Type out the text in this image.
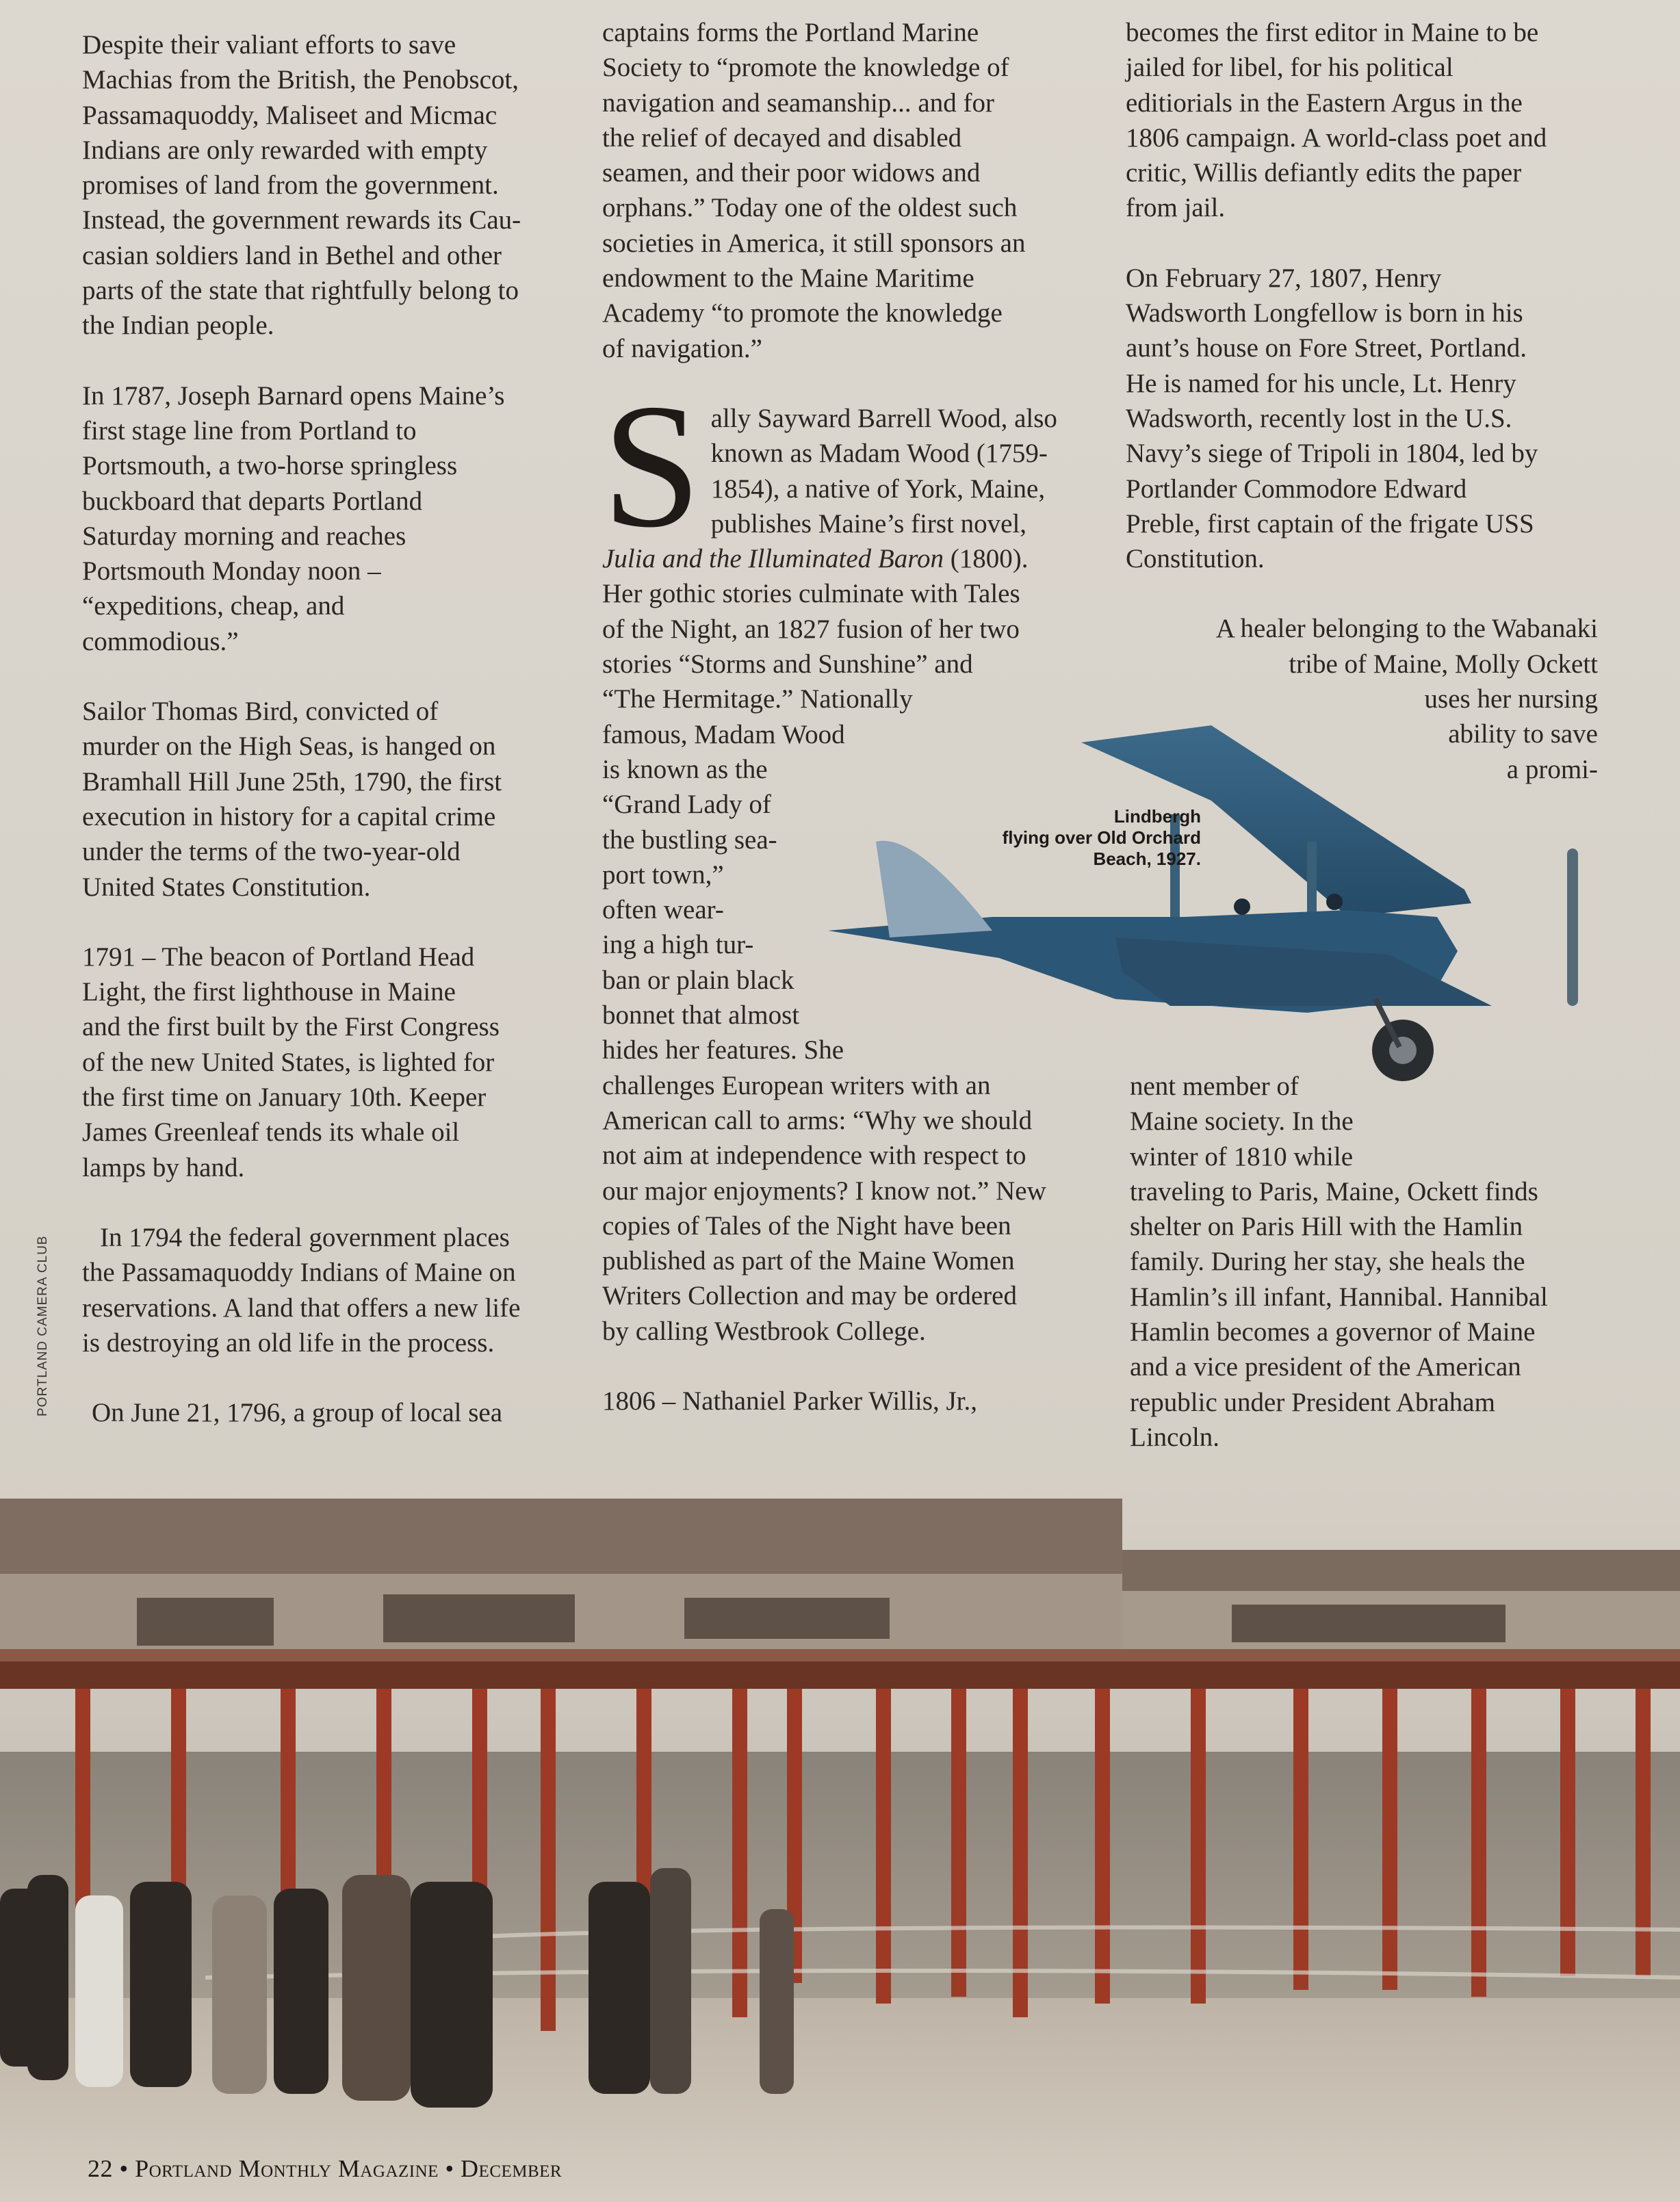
PORTLAND CAMERA CLUB

Despite their valiant efforts to save
Machias from the British, the Penobscot,
Passamaquoddy, Maliseet and Micmac
Indians are only rewarded with empty
promises of land from the government.
Instead, the government rewards its Cau-
casian soldiers land in Bethel and other
parts of the state that rightfully belong to
the Indian people.

In 1787, Joseph Barnard opens Maine’s
first stage line from Portland to
Portsmouth, a two-horse springless
buckboard that departs Portland
Saturday morning and reaches
Portsmouth Monday noon –
“expeditions, cheap, and
commodious.”

Sailor Thomas Bird, convicted of
murder on the High Seas, is hanged on
Bramhall Hill June 25th, 1790, the first
execution in history for a capital crime
under the terms of the two-year-old
United States Constitution.

1791 – The beacon of Portland Head
Light, the first lighthouse in Maine
and the first built by the First Congress
of the new United States, is lighted for
the first time on January 10th. Keeper
James Greenleaf tends its whale oil
lamps by hand.

In 1794 the federal government places
the Passamaquoddy Indians of Maine on
reservations. A land that offers a new life
is destroying an old life in the process.

On June 21, 1796, a group of local sea

captains forms the Portland Marine
Society to “promote the knowledge of
navigation and seamanship... and for
the relief of decayed and disabled
seamen, and their poor widows and
orphans.” Today one of the oldest such
societies in America, it still sponsors an
endowment to the Maine Maritime
Academy “to promote the knowledge
of navigation.”

S ally Sayward Barrell Wood, also
known as Madam Wood (1759-
1854), a native of York, Maine,
publishes Maine’s first novel, Julia and the Illuminated Baron (1800).

Her gothic stories culminate with Tales
of the Night, an 1827 fusion of her two
stories “Storms and Sunshine” and
“The Hermitage.” Nationally
famous, Madam Wood
is known as the
“Grand Lady of
the bustling sea-
port town,”
often wear-
ing a high tur-
ban or plain black
bonnet that almost
hides her features. She
challenges European writers with an
American call to arms: “Why we should
not aim at independence with respect to
our major enjoyments? I know not.” New
copies of Tales of the Night have been
published as part of the Maine Women
Writers Collection and may be ordered
by calling Westbrook College.

1806 – Nathaniel Parker Willis, Jr.,

becomes the first editor in Maine to be
jailed for libel, for his political
editiorials in the Eastern Argus in the
1806 campaign. A world-class poet and
critic, Willis defiantly edits the paper
from jail.

On February 27, 1807, Henry
Wadsworth Longfellow is born in his
aunt’s house on Fore Street, Portland.
He is named for his uncle, Lt. Henry
Wadsworth, recently lost in the U.S.
Navy’s siege of Tripoli in 1804, led by
Portlander Commodore Edward
Preble, first captain of the frigate USS
Constitution.

A healer belonging to the Wabanaki
tribe of Maine, Molly Ockett
uses her nursing
ability to save
a promi-

nent member of
Maine society. In the
winter of 1810 while
traveling to Paris, Maine, Ockett finds
shelter on Paris Hill with the Hamlin
family. During her stay, she heals the
Hamlin’s ill infant, Hannibal. Hannibal
Hamlin becomes a governor of Maine
and a vice president of the American
republic under President Abraham
Lincoln.

Lindbergh
flying over Old Orchard
Beach, 1927.
22 • Portland Monthly Magazine • December
